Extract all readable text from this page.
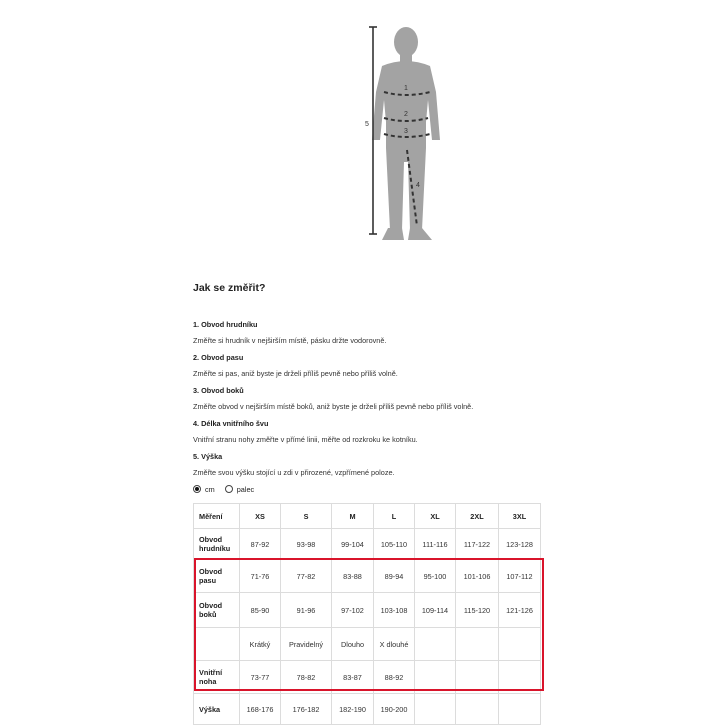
1
2
3
4
5
Jak se změřit?
1. Obvod hrudníku
Změřte si hrudník v nejširším místě, pásku držte vodorovně.
2. Obvod pasu
Změřte si pas, aniž byste je drželi příliš pevně nebo příliš volně.
3. Obvod boků
Změřte obvod v nejširším místě boků, aniž byste je drželi příliš pevně nebo příliš volně.
4. Délka vnitřního švu
Vnitřní stranu nohy změřte v přímé linii, měřte od rozkroku ke kotníku.
5. Výška
Změřte svou výšku stojící u zdi v přirozené, vzpřímené poloze.
cm	palec
Měření	XS	S	M	L	XL	2XL	3XL
Obvod hrudníku	87-92	93-98	99-104	105-110	111-116	117-122	123-128
Obvod pasu	71-76	77-82	83-88	89-94	95-100	101-106	107-112
Obvod boků	85-90	91-96	97-102	103-108	109-114	115-120	121-126
	Krátký	Pravidelný	Dlouho	X dlouhé			
Vnitřní noha	73-77	78-82	83-87	88-92			
Výška	168-176	176-182	182-190	190-200			
